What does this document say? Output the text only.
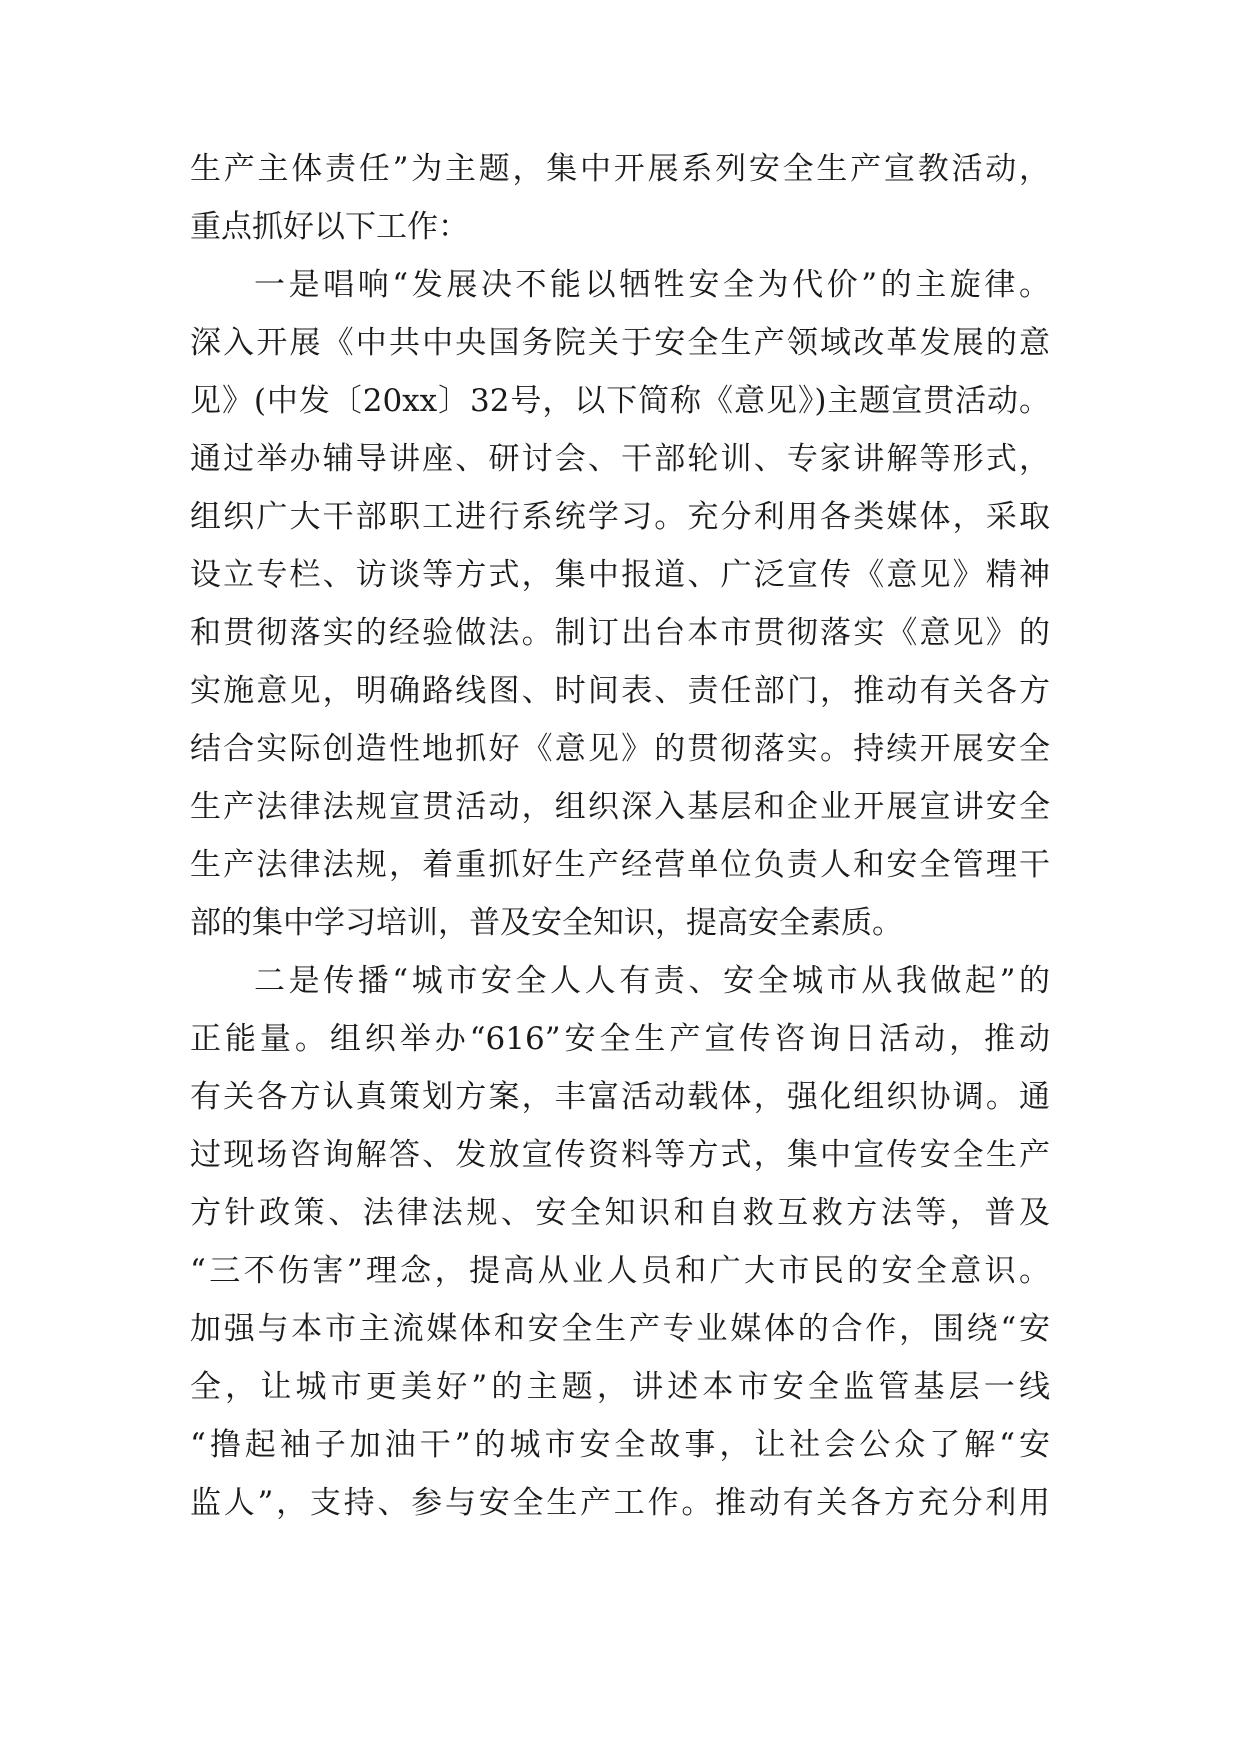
生产主体责任”为主题，集中开展系列安全生产宣教活动，
重点抓好以下工作：
一是唱响“发展决不能以牺牲安全为代价”的主旋律。
深入开展《中共中央国务院关于安全生产领域改革发展的意
见》(中发〔20xx〕32号，以下简称《意见》)主题宣贯活动。
通过举办辅导讲座、研讨会、干部轮训、专家讲解等形式，
组织广大干部职工进行系统学习。充分利用各类媒体，采取
设立专栏、访谈等方式，集中报道、广泛宣传《意见》精神
和贯彻落实的经验做法。制订出台本市贯彻落实《意见》的
实施意见，明确路线图、时间表、责任部门，推动有关各方
结合实际创造性地抓好《意见》的贯彻落实。持续开展安全
生产法律法规宣贯活动，组织深入基层和企业开展宣讲安全
生产法律法规，着重抓好生产经营单位负责人和安全管理干
部的集中学习培训，普及安全知识，提高安全素质。
二是传播“城市安全人人有责、安全城市从我做起”的
正能量。组织举办“616”安全生产宣传咨询日活动，推动
有关各方认真策划方案，丰富活动载体，强化组织协调。通
过现场咨询解答、发放宣传资料等方式，集中宣传安全生产
方针政策、法律法规、安全知识和自救互救方法等，普及
“三不伤害”理念，提高从业人员和广大市民的安全意识。
加强与本市主流媒体和安全生产专业媒体的合作，围绕“安
全，让城市更美好”的主题，讲述本市安全监管基层一线
“撸起袖子加油干”的城市安全故事，让社会公众了解“安
监人”，支持、参与安全生产工作。推动有关各方充分利用
